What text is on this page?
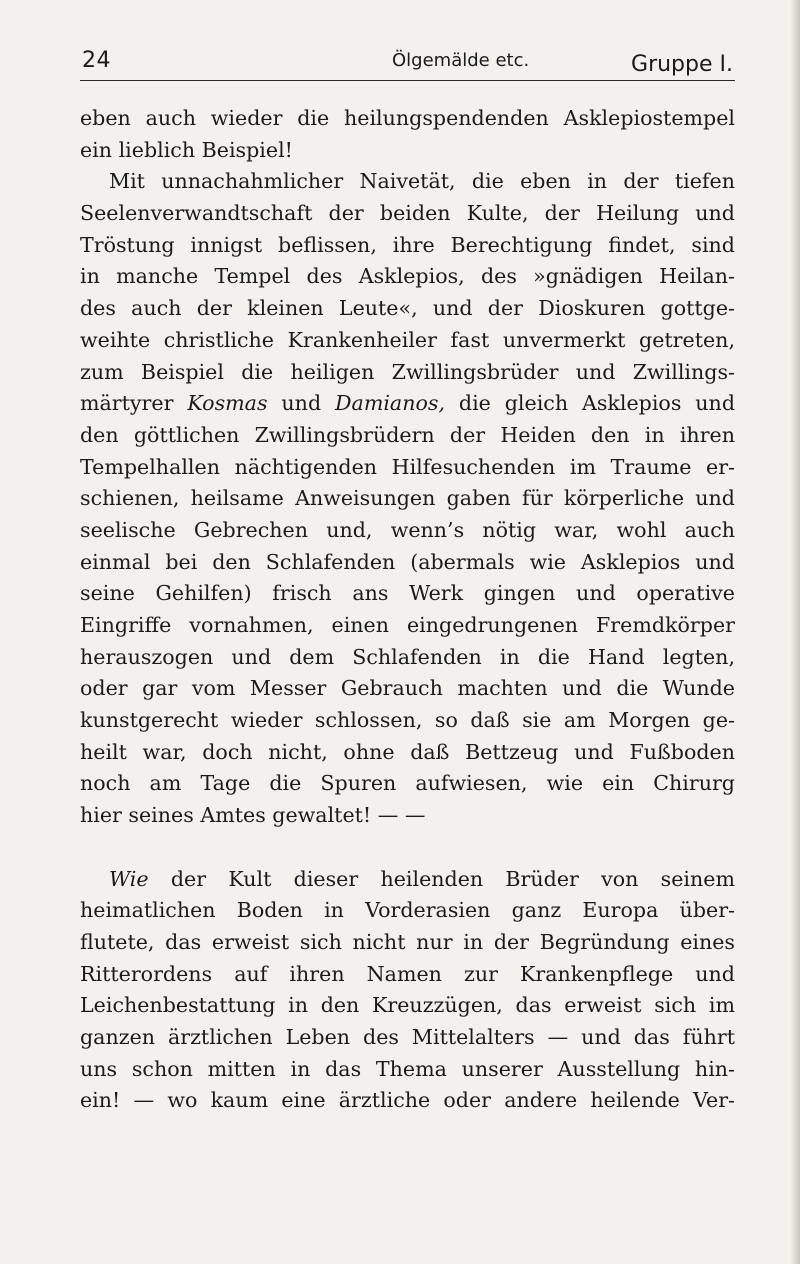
24	Ölgemälde etc.	Gruppe I.
eben auch wieder die heilungspendenden Asklepiostempel
ein lieblich Beispiel!
Mit unnachahmlicher Naivetät, die eben in der tiefen
Seelenverwandtschaft der beiden Kulte, der Heilung und
Tröstung innigst beflissen, ihre Berechtigung findet, sind
in manche Tempel des Asklepios, des »gnädigen Heilan-
des auch der kleinen Leute«, und der Dioskuren gottge-
weihte christliche Krankenheiler fast unvermerkt getreten,
zum Beispiel die heiligen Zwillingsbrüder und Zwillings-
märtyrer Kosmas und Damianos, die gleich Asklepios und
den göttlichen Zwillingsbrüdern der Heiden den in ihren
Tempelhallen nächtigenden Hilfesuchenden im Traume er-
schienen, heilsame Anweisungen gaben für körperliche und
seelische Gebrechen und, wenn’s nötig war, wohl auch
einmal bei den Schlafenden (abermals wie Asklepios und
seine Gehilfen) frisch ans Werk gingen und operative
Eingriffe vornahmen, einen eingedrungenen Fremdkörper
herauszogen und dem Schlafenden in die Hand legten,
oder gar vom Messer Gebrauch machten und die Wunde
kunstgerecht wieder schlossen, so daß sie am Morgen ge-
heilt war, doch nicht, ohne daß Bettzeug und Fußboden
noch am Tage die Spuren aufwiesen, wie ein Chirurg
hier seines Amtes gewaltet! — —
Wie der Kult dieser heilenden Brüder von seinem
heimatlichen Boden in Vorderasien ganz Europa über-
flutete, das erweist sich nicht nur in der Begründung eines
Ritterordens auf ihren Namen zur Krankenpflege und
Leichenbestattung in den Kreuzzügen, das erweist sich im
ganzen ärztlichen Leben des Mittelalters — und das führt
uns schon mitten in das Thema unserer Ausstellung hin-
ein! — wo kaum eine ärztliche oder andere heilende Ver-
